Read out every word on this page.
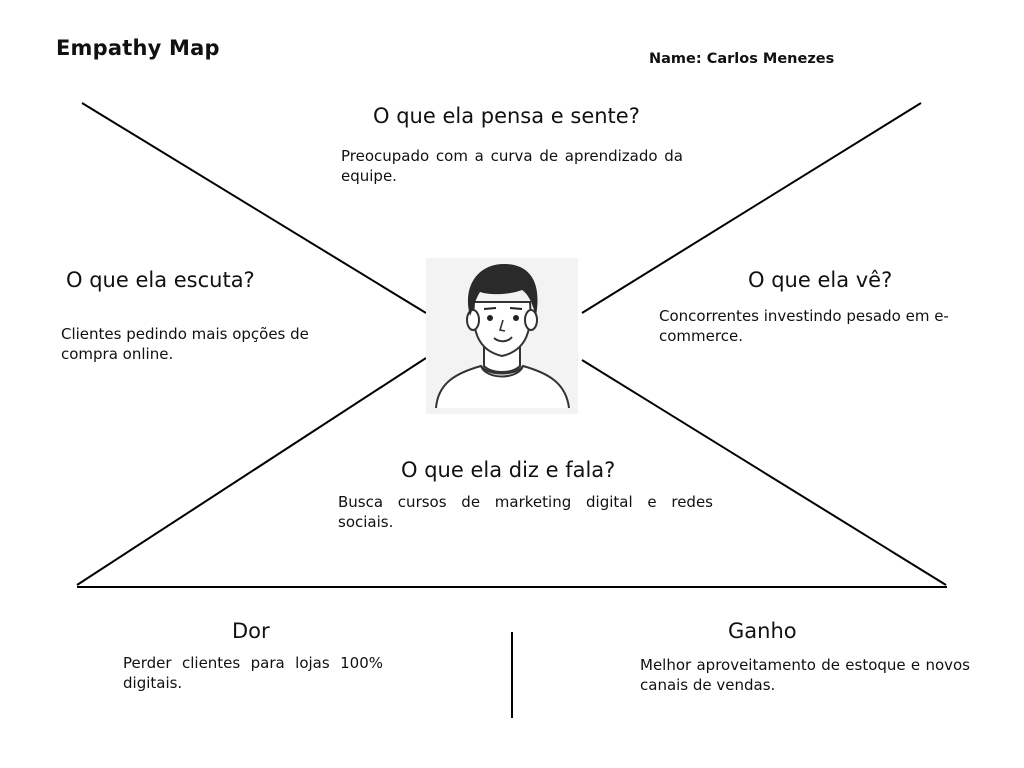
Empathy Map	Name: Carlos Menezes
O que ela pensa e sente?
Preocupado com a curva de aprendizado da equipe.
O que ela escuta?
Clientes pedindo mais opções de compra online.
O que ela vê?
Concorrentes investindo pesado em e-commerce.
O que ela diz e fala?
Busca cursos de marketing digital e redes sociais.
Dor
Perder clientes para lojas 100% digitais.
Ganho
Melhor aproveitamento de estoque e novos canais de vendas.
